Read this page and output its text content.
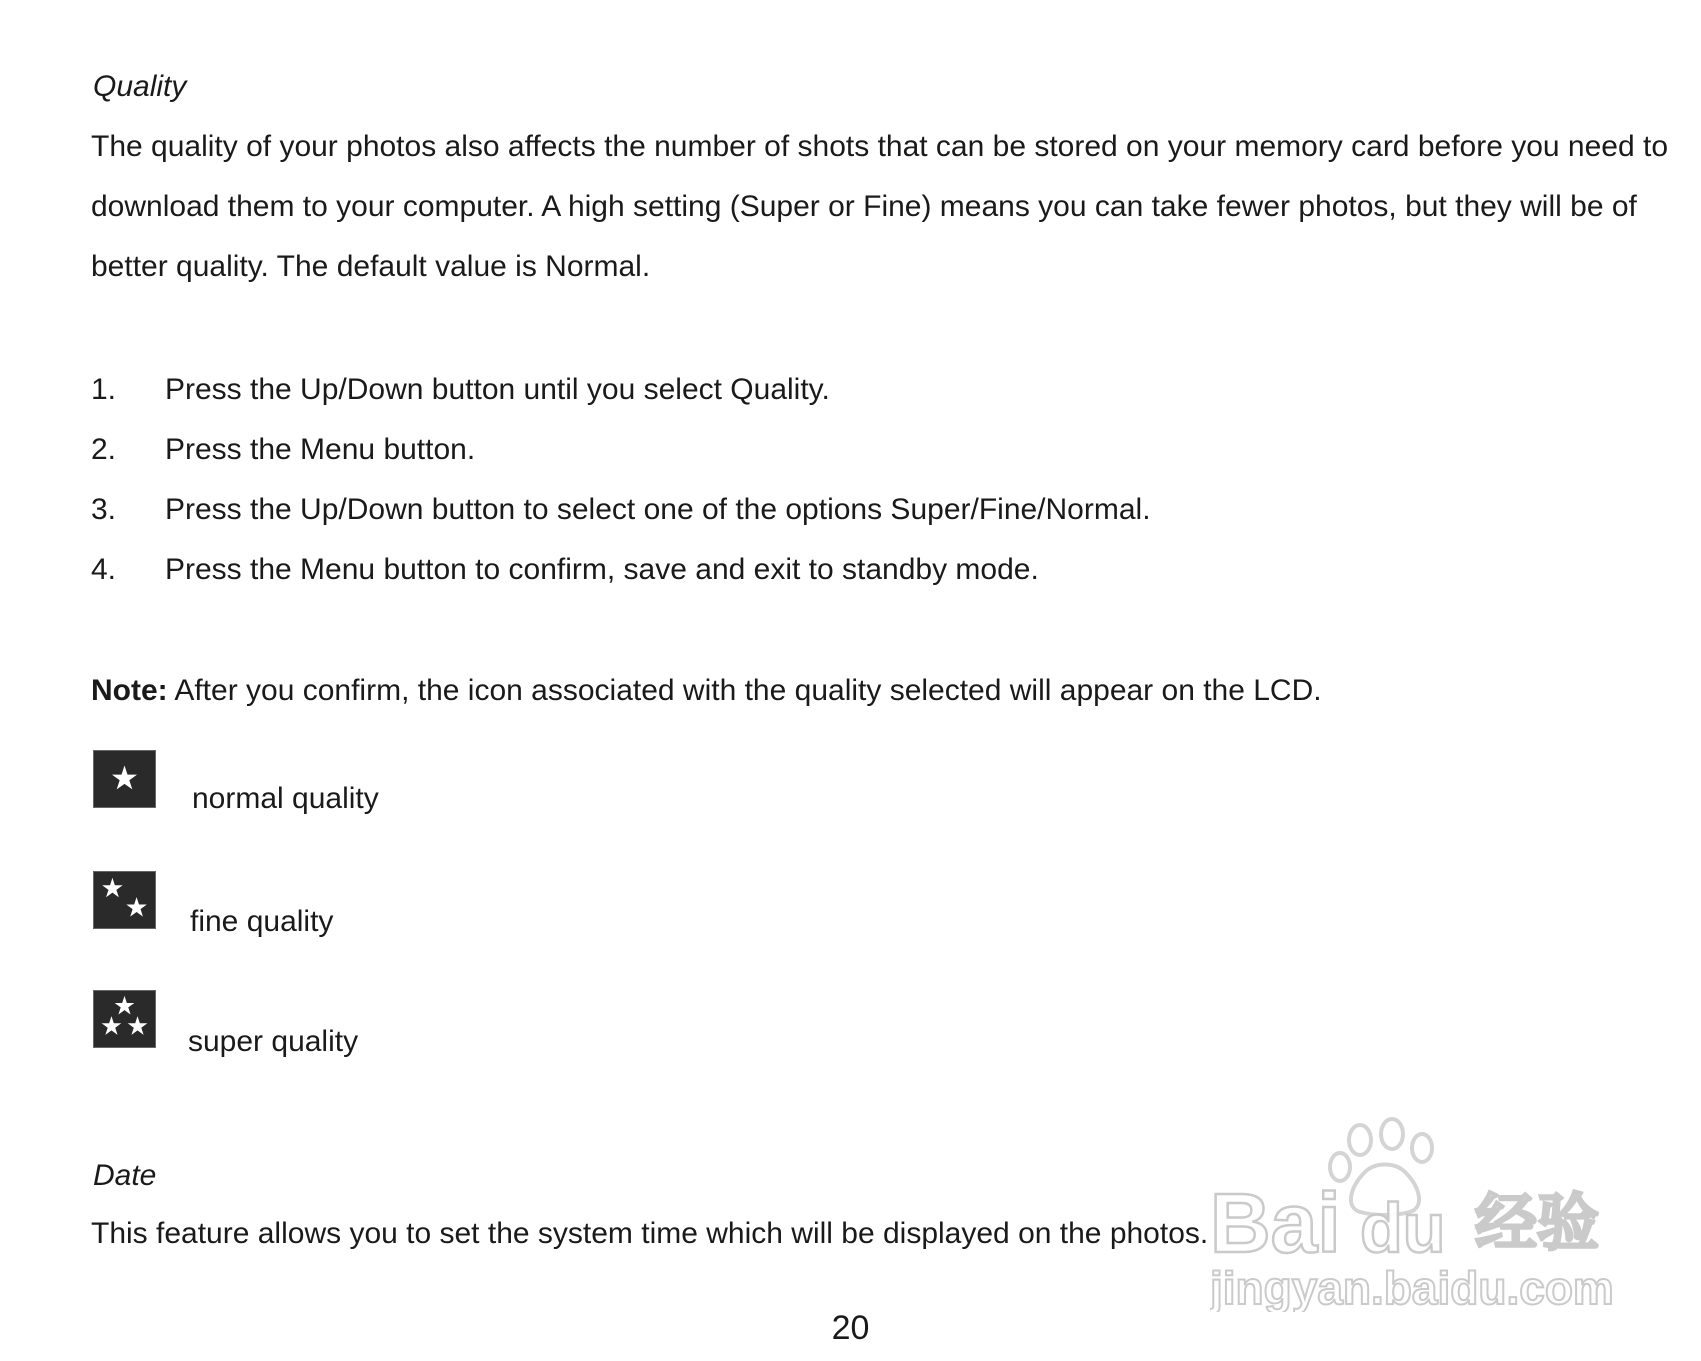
Quality

The quality of your photos also affects the number of shots that can be stored on your memory card before you need to download them to your computer. A high setting (Super or Fine) means you can take fewer photos, but they will be of better quality. The default value is Normal.

1. Press the Up/Down button until you select Quality.
2. Press the Menu button.
3. Press the Up/Down button to select one of the options Super/Fine/Normal.
4. Press the Menu button to confirm, save and exit to standby mode.
Note: After you confirm, the icon associated with the quality selected will appear on the LCD.
normal quality
fine quality
super quality
Date
This feature allows you to set the system time which will be displayed on the photos.
20
Bai du 经验
jingyan.baidu.com
